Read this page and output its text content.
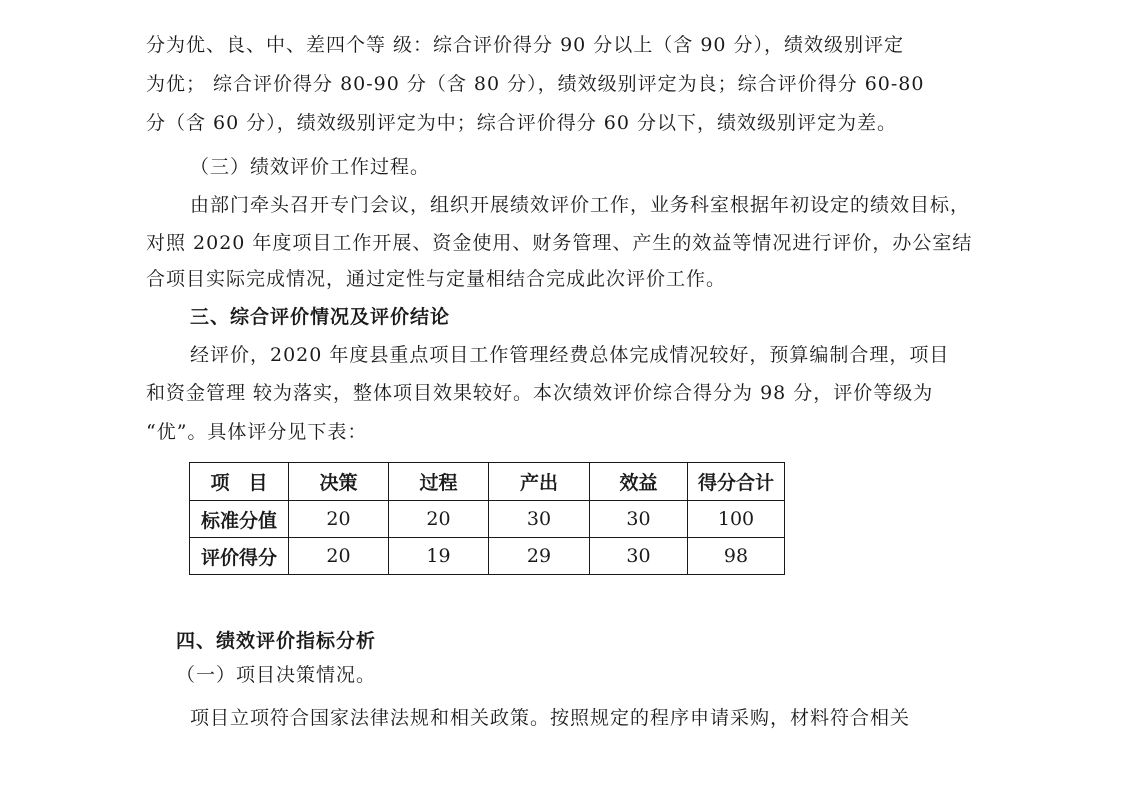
分为优、良、中、差四个等 级：综合评价得分 90 分以上（含 90 分），绩效级别评定
为优； 综合评价得分 80-90 分（含 80 分），绩效级别评定为良；综合评价得分 60-80
分（含 60 分），绩效级别评定为中；综合评价得分 60 分以下，绩效级别评定为差。
（三）绩效评价工作过程。
由部门牵头召开专门会议，组织开展绩效评价工作，业务科室根据年初设定的绩效目标，
对照 2020 年度项目工作开展、资金使用、财务管理、产生的效益等情况进行评价，办公室结
合项目实际完成情况，通过定性与定量相结合完成此次评价工作。
三、综合评价情况及评价结论
经评价，2020 年度县重点项目工作管理经费总体完成情况较好，预算编制合理，项目
和资金管理 较为落实，整体项目效果较好。本次绩效评价综合得分为 98 分，评价等级为
“优”。具体评分见下表：
项　目	决策	过程	产出	效益	得分合计
标准分值	20	20	30	30	100
评价得分	20	19	29	30	98
四、绩效评价指标分析
（一）项目决策情况。
项目立项符合国家法律法规和相关政策。按照规定的程序申请采购，材料符合相关
